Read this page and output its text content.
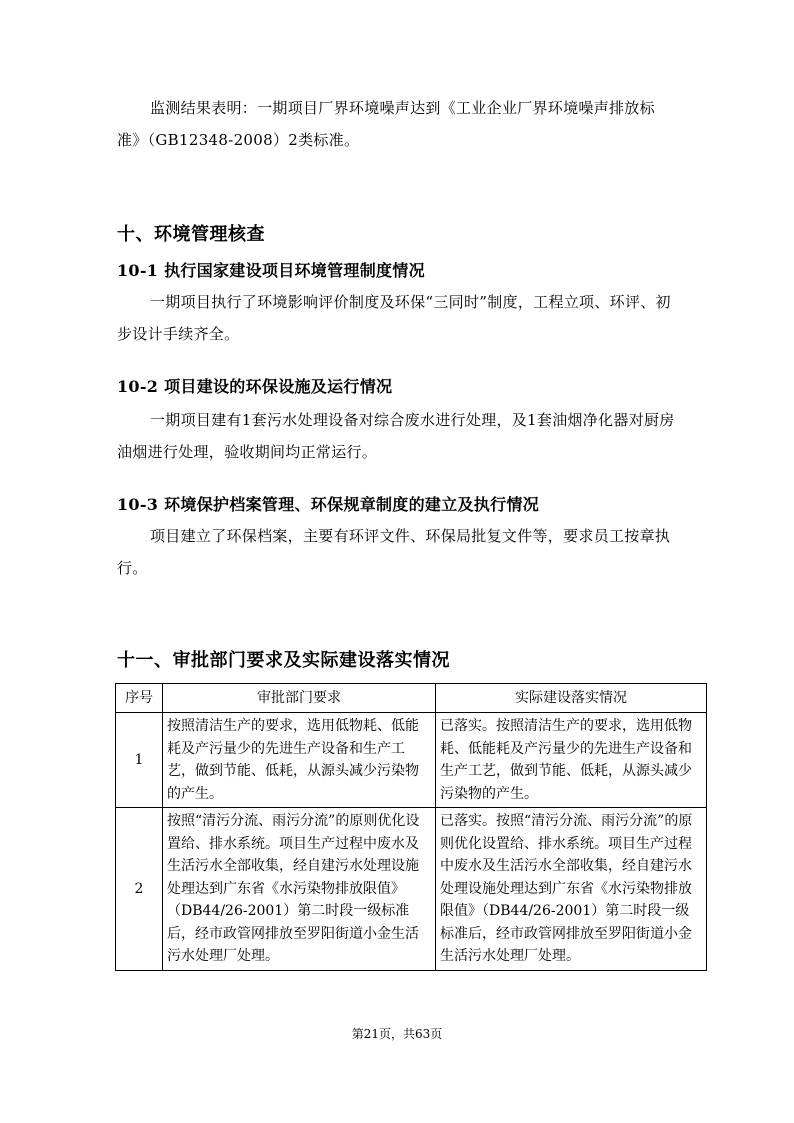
监测结果表明：一期项目厂界环境噪声达到《工业企业厂界环境噪声排放标准》（GB12348-2008）2类标准。

十、环境管理核查
10-1 执行国家建设项目环境管理制度情况

一期项目执行了环境影响评价制度及环保“三同时”制度，工程立项、环评、初步设计手续齐全。

10-2 项目建设的环保设施及运行情况

一期项目建有1套污水处理设备对综合废水进行处理，及1套油烟净化器对厨房油烟进行处理，验收期间均正常运行。

10-3 环境保护档案管理、环保规章制度的建立及执行情况

项目建立了环保档案，主要有环评文件、环保局批复文件等，要求员工按章执行。

十一、审批部门要求及实际建设落实情况
序号	审批部门要求	实际建设落实情况
1	按照清洁生产的要求，选用低物耗、低能耗及产污量少的先进生产设备和生产工艺，做到节能、低耗，从源头减少污染物的产生。	已落实。按照清洁生产的要求，选用低物耗、低能耗及产污量少的先进生产设备和生产工艺，做到节能、低耗，从源头减少污染物的产生。
2	按照“清污分流、雨污分流”的原则优化设置给、排水系统。项目生产过程中废水及生活污水全部收集，经自建污水处理设施处理达到广东省《水污染物排放限值》（DB44/26-2001）第二时段一级标准后，经市政管网排放至罗阳街道小金生活污水处理厂处理。	已落实。按照“清污分流、雨污分流”的原则优化设置给、排水系统。项目生产过程中废水及生活污水全部收集，经自建污水处理设施处理达到广东省《水污染物排放限值》（DB44/26-2001）第二时段一级标准后，经市政管网排放至罗阳街道小金生活污水处理厂处理。
第21页，共63页
